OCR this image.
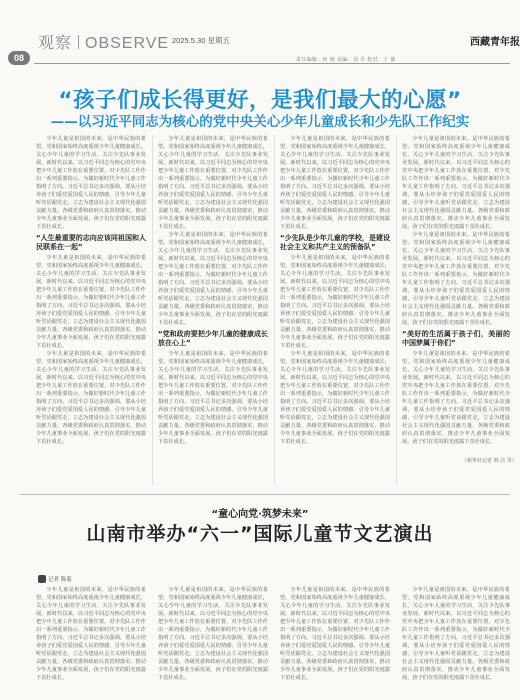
08
观察 OBSERVE 2025.5.30 星期五	西藏青年报
责任编辑：何 婉 美编：刘 丹 校对：王 薇
“孩子们成长得更好，是我们最大的心愿”
——以习近平同志为核心的党中央关心少年儿童成长和少先队工作纪实

少年儿童是祖国的未来，是中华民族的希望。党和国家始终高度重视少年儿童健康成长，关心少年儿童的学习生活，关注少先队事业发展。新时代以来，以习近平同志为核心的党中央把少年儿童工作放在重要位置，对少先队工作作出一系列重要指示，为做好新时代少年儿童工作指明了方向。习近平总书记多次强调，要从小培养孩子们爱党爱国爱人民的情感，引导少年儿童听党话跟党走，立志为建设社会主义现代化强国贡献力量。各级党委和政府认真贯彻落实，推动少年儿童事业全面发展，孩子们在党的阳光雨露下茁壮成长。

“人生最重要的志向应该同祖国和人民联系在一起”

少年儿童是祖国的未来，是中华民族的希望。党和国家始终高度重视少年儿童健康成长，关心少年儿童的学习生活，关注少先队事业发展。新时代以来，以习近平同志为核心的党中央把少年儿童工作放在重要位置，对少先队工作作出一系列重要指示，为做好新时代少年儿童工作指明了方向。习近平总书记多次强调，要从小培养孩子们爱党爱国爱人民的情感，引导少年儿童听党话跟党走，立志为建设社会主义现代化强国贡献力量。各级党委和政府认真贯彻落实，推动少年儿童事业全面发展，孩子们在党的阳光雨露下茁壮成长。

少年儿童是祖国的未来，是中华民族的希望。党和国家始终高度重视少年儿童健康成长，关心少年儿童的学习生活，关注少先队事业发展。新时代以来，以习近平同志为核心的党中央把少年儿童工作放在重要位置，对少先队工作作出一系列重要指示，为做好新时代少年儿童工作指明了方向。习近平总书记多次强调，要从小培养孩子们爱党爱国爱人民的情感，引导少年儿童听党话跟党走，立志为建设社会主义现代化强国贡献力量。各级党委和政府认真贯彻落实，推动少年儿童事业全面发展，孩子们在党的阳光雨露下茁壮成长。

少年儿童是祖国的未来，是中华民族的希望。党和国家始终高度重视少年儿童健康成长，关心少年儿童的学习生活，关注少先队事业发展。新时代以来，以习近平同志为核心的党中央把少年儿童工作放在重要位置，对少先队工作作出一系列重要指示，为做好新时代少年儿童工作指明了方向。习近平总书记多次强调，要从小培养孩子们爱党爱国爱人民的情感，引导少年儿童听党话跟党走，立志为建设社会主义现代化强国贡献力量。各级党委和政府认真贯彻落实，推动少年儿童事业全面发展，孩子们在党的阳光雨露下茁壮成长。

少年儿童是祖国的未来，是中华民族的希望。党和国家始终高度重视少年儿童健康成长，关心少年儿童的学习生活，关注少先队事业发展。新时代以来，以习近平同志为核心的党中央把少年儿童工作放在重要位置，对少先队工作作出一系列重要指示，为做好新时代少年儿童工作指明了方向。习近平总书记多次强调，要从小培养孩子们爱党爱国爱人民的情感，引导少年儿童听党话跟党走，立志为建设社会主义现代化强国贡献力量。各级党委和政府认真贯彻落实，推动少年儿童事业全面发展，孩子们在党的阳光雨露下茁壮成长。

“党和政府要把少年儿童的健康成长放在心上”

少年儿童是祖国的未来，是中华民族的希望。党和国家始终高度重视少年儿童健康成长，关心少年儿童的学习生活，关注少先队事业发展。新时代以来，以习近平同志为核心的党中央把少年儿童工作放在重要位置，对少先队工作作出一系列重要指示，为做好新时代少年儿童工作指明了方向。习近平总书记多次强调，要从小培养孩子们爱党爱国爱人民的情感，引导少年儿童听党话跟党走，立志为建设社会主义现代化强国贡献力量。各级党委和政府认真贯彻落实，推动少年儿童事业全面发展，孩子们在党的阳光雨露下茁壮成长。

少年儿童是祖国的未来，是中华民族的希望。党和国家始终高度重视少年儿童健康成长，关心少年儿童的学习生活，关注少先队事业发展。新时代以来，以习近平同志为核心的党中央把少年儿童工作放在重要位置，对少先队工作作出一系列重要指示，为做好新时代少年儿童工作指明了方向。习近平总书记多次强调，要从小培养孩子们爱党爱国爱人民的情感，引导少年儿童听党话跟党走，立志为建设社会主义现代化强国贡献力量。各级党委和政府认真贯彻落实，推动少年儿童事业全面发展，孩子们在党的阳光雨露下茁壮成长。

“少先队是少年儿童的学校，是建设社会主义和共产主义的预备队”

少年儿童是祖国的未来，是中华民族的希望。党和国家始终高度重视少年儿童健康成长，关心少年儿童的学习生活，关注少先队事业发展。新时代以来，以习近平同志为核心的党中央把少年儿童工作放在重要位置，对少先队工作作出一系列重要指示，为做好新时代少年儿童工作指明了方向。习近平总书记多次强调，要从小培养孩子们爱党爱国爱人民的情感，引导少年儿童听党话跟党走，立志为建设社会主义现代化强国贡献力量。各级党委和政府认真贯彻落实，推动少年儿童事业全面发展，孩子们在党的阳光雨露下茁壮成长。

少年儿童是祖国的未来，是中华民族的希望。党和国家始终高度重视少年儿童健康成长，关心少年儿童的学习生活，关注少先队事业发展。新时代以来，以习近平同志为核心的党中央把少年儿童工作放在重要位置，对少先队工作作出一系列重要指示，为做好新时代少年儿童工作指明了方向。习近平总书记多次强调，要从小培养孩子们爱党爱国爱人民的情感，引导少年儿童听党话跟党走，立志为建设社会主义现代化强国贡献力量。各级党委和政府认真贯彻落实，推动少年儿童事业全面发展，孩子们在党的阳光雨露下茁壮成长。

少年儿童是祖国的未来，是中华民族的希望。党和国家始终高度重视少年儿童健康成长，关心少年儿童的学习生活，关注少先队事业发展。新时代以来，以习近平同志为核心的党中央把少年儿童工作放在重要位置，对少先队工作作出一系列重要指示，为做好新时代少年儿童工作指明了方向。习近平总书记多次强调，要从小培养孩子们爱党爱国爱人民的情感，引导少年儿童听党话跟党走，立志为建设社会主义现代化强国贡献力量。各级党委和政府认真贯彻落实，推动少年儿童事业全面发展，孩子们在党的阳光雨露下茁壮成长。

少年儿童是祖国的未来，是中华民族的希望。党和国家始终高度重视少年儿童健康成长，关心少年儿童的学习生活，关注少先队事业发展。新时代以来，以习近平同志为核心的党中央把少年儿童工作放在重要位置，对少先队工作作出一系列重要指示，为做好新时代少年儿童工作指明了方向。习近平总书记多次强调，要从小培养孩子们爱党爱国爱人民的情感，引导少年儿童听党话跟党走，立志为建设社会主义现代化强国贡献力量。各级党委和政府认真贯彻落实，推动少年儿童事业全面发展，孩子们在党的阳光雨露下茁壮成长。

“美好的生活属于孩子们，美丽的中国梦属于你们”

少年儿童是祖国的未来，是中华民族的希望。党和国家始终高度重视少年儿童健康成长，关心少年儿童的学习生活，关注少先队事业发展。新时代以来，以习近平同志为核心的党中央把少年儿童工作放在重要位置，对少先队工作作出一系列重要指示，为做好新时代少年儿童工作指明了方向。习近平总书记多次强调，要从小培养孩子们爱党爱国爱人民的情感，引导少年儿童听党话跟党走，立志为建设社会主义现代化强国贡献力量。各级党委和政府认真贯彻落实，推动少年儿童事业全面发展，孩子们在党的阳光雨露下茁壮成长。

（新华社记者 韩 洁 等）
“童心向党·筑梦未来”
山南市举办“六一”国际儿童节文艺演出
记者 陈菊

少年儿童是祖国的未来，是中华民族的希望。党和国家始终高度重视少年儿童健康成长，关心少年儿童的学习生活，关注少先队事业发展。新时代以来，以习近平同志为核心的党中央把少年儿童工作放在重要位置，对少先队工作作出一系列重要指示，为做好新时代少年儿童工作指明了方向。习近平总书记多次强调，要从小培养孩子们爱党爱国爱人民的情感，引导少年儿童听党话跟党走，立志为建设社会主义现代化强国贡献力量。各级党委和政府认真贯彻落实，推动少年儿童事业全面发展，孩子们在党的阳光雨露下茁壮成长。

少年儿童是祖国的未来，是中华民族的希望。党和国家始终高度重视少年儿童健康成长，关心少年儿童的学习生活，关注少先队事业发展。新时代以来，以习近平同志为核心的党中央把少年儿童工作放在重要位置，对少先队工作作出一系列重要指示，为做好新时代少年儿童工作指明了方向。习近平总书记多次强调，要从小培养孩子们爱党爱国爱人民的情感，引导少年儿童听党话跟党走，立志为建设社会主义现代化强国贡献力量。各级党委和政府认真贯彻落实，推动少年儿童事业全面发展，孩子们在党的阳光雨露下茁壮成长。

少年儿童是祖国的未来，是中华民族的希望。党和国家始终高度重视少年儿童健康成长，关心少年儿童的学习生活，关注少先队事业发展。新时代以来，以习近平同志为核心的党中央把少年儿童工作放在重要位置，对少先队工作作出一系列重要指示，为做好新时代少年儿童工作指明了方向。习近平总书记多次强调，要从小培养孩子们爱党爱国爱人民的情感，引导少年儿童听党话跟党走，立志为建设社会主义现代化强国贡献力量。各级党委和政府认真贯彻落实，推动少年儿童事业全面发展，孩子们在党的阳光雨露下茁壮成长。

少年儿童是祖国的未来，是中华民族的希望。党和国家始终高度重视少年儿童健康成长，关心少年儿童的学习生活，关注少先队事业发展。新时代以来，以习近平同志为核心的党中央把少年儿童工作放在重要位置，对少先队工作作出一系列重要指示，为做好新时代少年儿童工作指明了方向。习近平总书记多次强调，要从小培养孩子们爱党爱国爱人民的情感，引导少年儿童听党话跟党走，立志为建设社会主义现代化强国贡献力量。各级党委和政府认真贯彻落实，推动少年儿童事业全面发展，孩子们在党的阳光雨露下茁壮成长。
